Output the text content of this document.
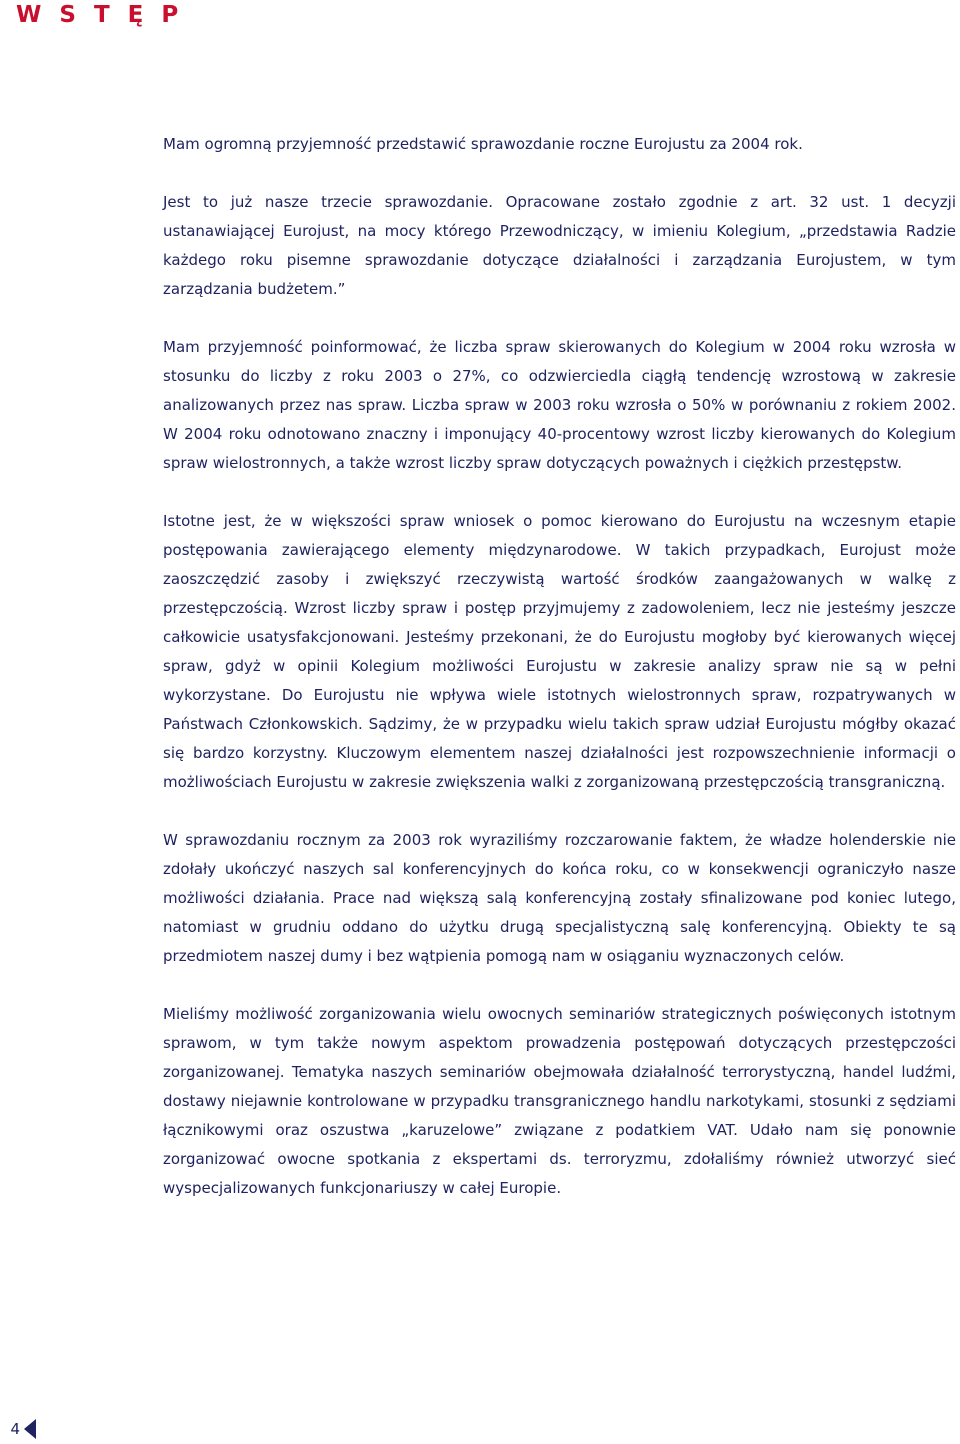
W S T Ę P

Mam ogromną przyjemność przedstawić sprawozdanie roczne Eurojustu za 2004 rok.

Jest to już nasze trzecie sprawozdanie. Opracowane zostało zgodnie z art. 32 ust. 1 decyzji ustanawiającej Eurojust, na mocy którego Przewodniczący, w imieniu Kolegium, „przedstawia Radzie każdego roku pisemne sprawozdanie dotyczące działalności i zarządzania Eurojustem, w tym zarządzania budżetem.”

Mam przyjemność poinformować, że liczba spraw skierowanych do Kolegium w 2004 roku wzrosła w stosunku do liczby z roku 2003 o 27%, co odzwierciedla ciągłą tendencję wzrostową w zakresie analizowanych przez nas spraw. Liczba spraw w 2003 roku wzrosła o 50% w porównaniu z rokiem 2002. W 2004 roku odnotowano znaczny i imponujący 40-procentowy wzrost liczby kierowanych do Kolegium spraw wielostronnych, a także wzrost liczby spraw dotyczących poważnych i ciężkich przestępstw.

Istotne jest, że w większości spraw wniosek o pomoc kierowano do Eurojustu na wczesnym etapie postępowania zawierającego elementy międzynarodowe. W takich przypadkach, Eurojust może zaoszczędzić zasoby i zwiększyć rzeczywistą wartość środków zaangażowanych w walkę z przestępczością. Wzrost liczby spraw i postęp przyjmujemy z zadowoleniem, lecz nie jesteśmy jeszcze całkowicie usatysfakcjonowani. Jesteśmy przekonani, że do Eurojustu mogłoby być kierowanych więcej spraw, gdyż w opinii Kolegium możliwości Eurojustu w zakresie analizy spraw nie są w pełni wykorzystane. Do Eurojustu nie wpływa wiele istotnych wielostronnych spraw, rozpatrywanych w Państwach Członkowskich. Sądzimy, że w przypadku wielu takich spraw udział Eurojustu mógłby okazać się bardzo korzystny. Kluczowym elementem naszej działalności jest rozpowszechnienie informacji o możliwościach Eurojustu w zakresie zwiększenia walki z zorganizowaną przestępczością transgraniczną.

W sprawozdaniu rocznym za 2003 rok wyraziliśmy rozczarowanie faktem, że władze holenderskie nie zdołały ukończyć naszych sal konferencyjnych do końca roku, co w konsekwencji ograniczyło nasze możliwości działania. Prace nad większą salą konferencyjną zostały sfinalizowane pod koniec lutego, natomiast w grudniu oddano do użytku drugą specjalistyczną salę konferencyjną. Obiekty te są przedmiotem naszej dumy i bez wątpienia pomogą nam w osiąganiu wyznaczonych celów.

Mieliśmy możliwość zorganizowania wielu owocnych seminariów strategicznych poświęconych istotnym sprawom, w tym także nowym aspektom prowadzenia postępowań dotyczących przestępczości zorganizowanej. Tematyka naszych seminariów obejmowała działalność terrorystyczną, handel ludźmi, dostawy niejawnie kontrolowane w przypadku transgranicznego handlu narkotykami, stosunki z sędziami łącznikowymi oraz oszustwa „karuzelowe” związane z podatkiem VAT. Udało nam się ponownie zorganizować owocne spotkania z ekspertami ds. terroryzmu, zdołaliśmy również utworzyć sieć wyspecjalizowanych funkcjonariuszy w całej Europie.

4
